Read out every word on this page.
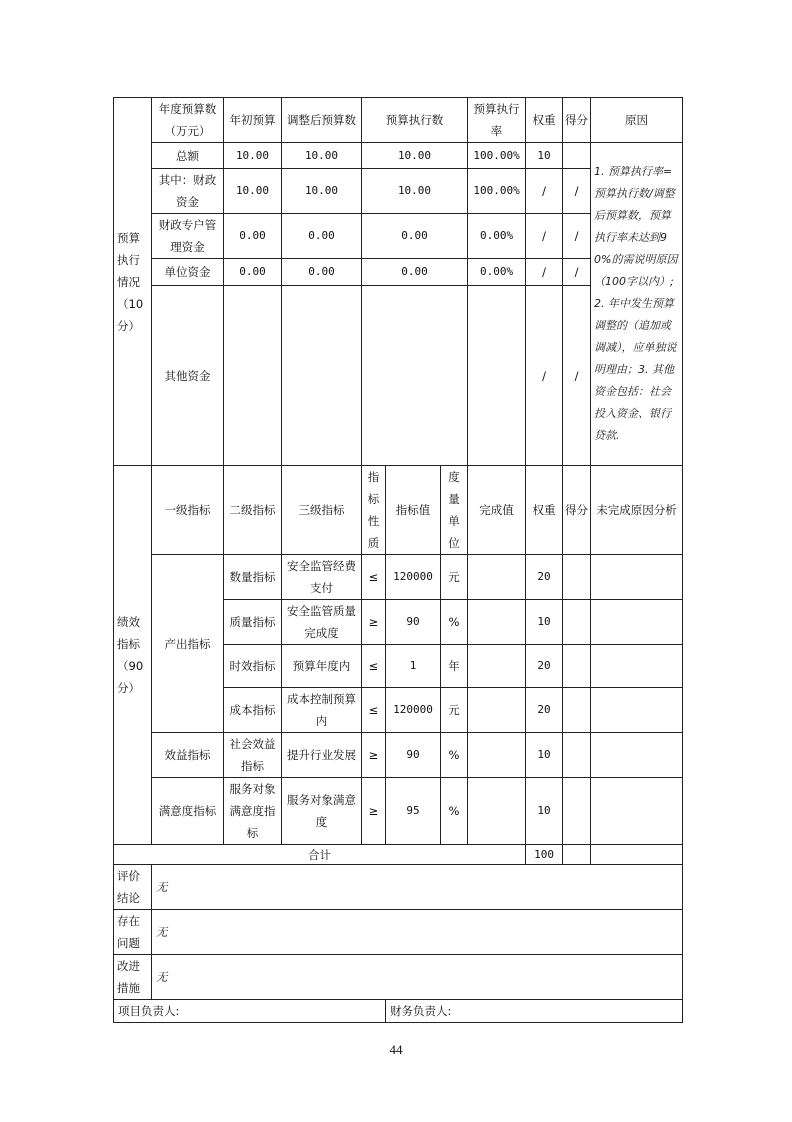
预算执行情况（10分）	年度预算数（万元）	年初预算	调整后预算数	预算执行数			预算执行率	权重	得分	原因
	总额	10.00	10.00	10.00			100.00%	10		1. 预算执行率=预算执行数/调整后预算数，预算执行率未达到90%的需说明原因（100字以内）;2. 年中发生预算调整的（追加或调减），应单独说明理由；3. 其他资金包括：社会投入资金、银行贷款.
	其中：财政资金	10.00	10.00	10.00			100.00%	/	/	
	财政专户管理资金	0.00	0.00	0.00			0.00%	/	/	
	单位资金	0.00	0.00	0.00			0.00%	/	/	
	其他资金							/	/	
绩效指标（90分）	一级指标	二级指标	三级指标	指标性质	指标值	度量单位	完成值	权重	得分	未完成原因分析
	产出指标	数量指标	安全监管经费支付	≤	120000	元		20		
		质量指标	安全监管质量完成度	≥	90	%		10		
		时效指标	预算年度内	≤	1	年		20		
		成本指标	成本控制预算内	≤	120000	元		20		
	效益指标	社会效益指标	提升行业发展	≥	90	%		10		
	满意度指标	服务对象满意度指标	服务对象满意度	≥	95	%		10		
合计								100		
评价结论	无									
存在问题	无									
改进措施	无									
项目负责人:					财务负责人:					
44
